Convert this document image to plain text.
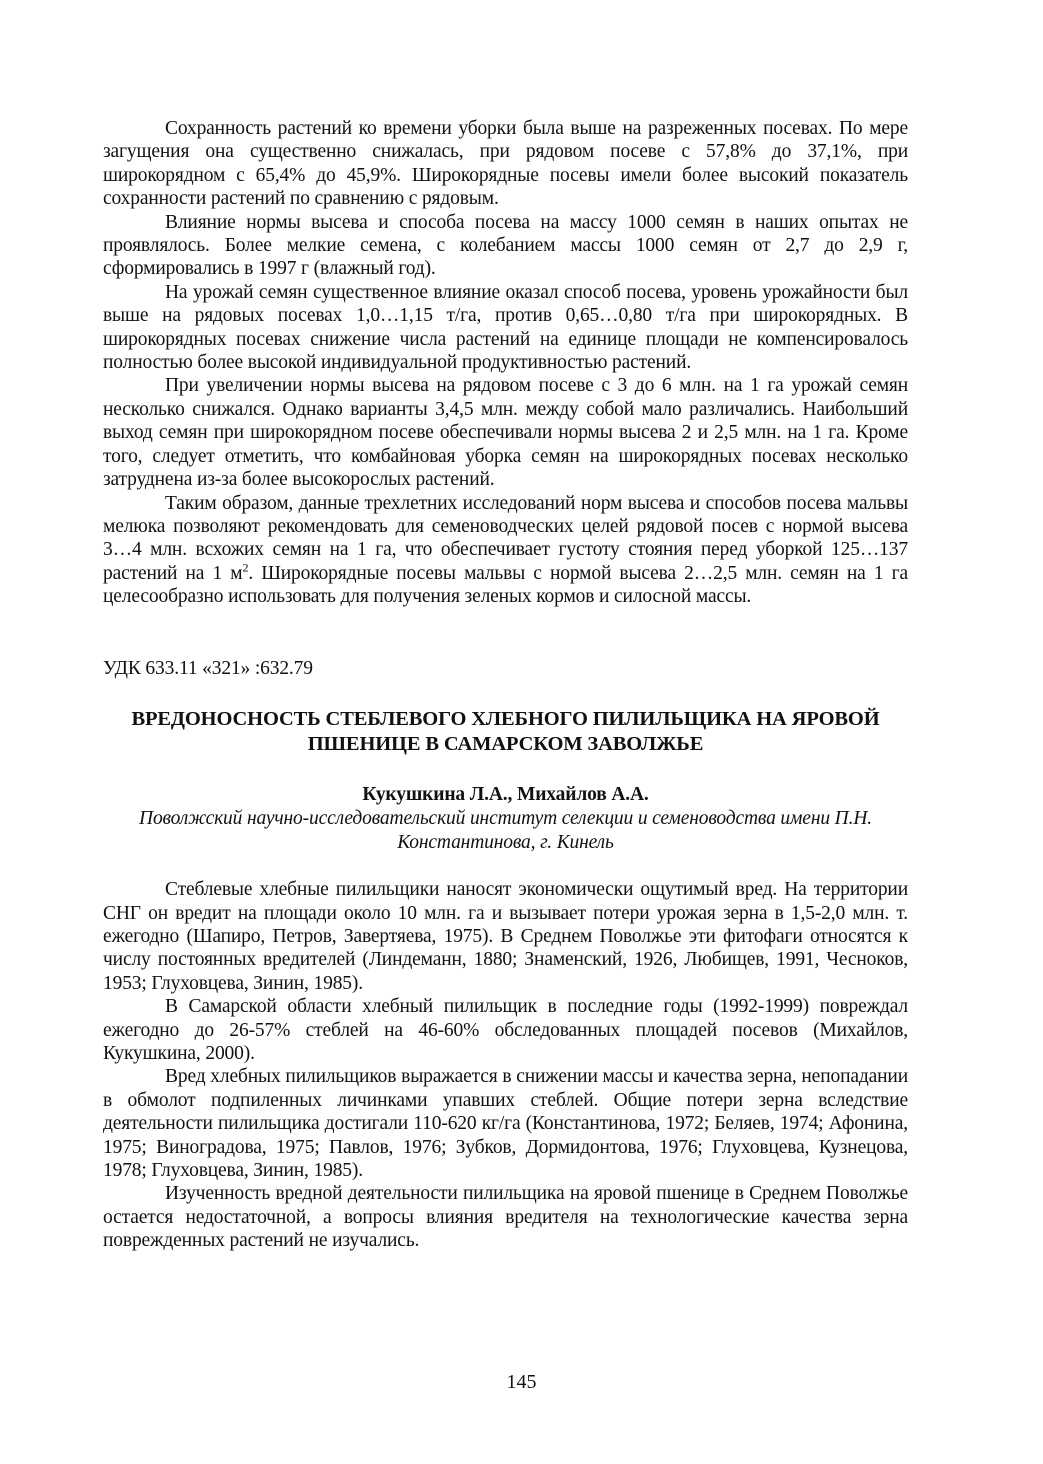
Сохранность растений ко времени уборки была выше на разреженных посевах. По мере загущения она существенно снижалась, при рядовом посеве с 57,8% до 37,1%, при широкорядном с 65,4% до 45,9%. Широкорядные посевы имели более высокий показатель сохранности растений по сравнению с рядовым.

Влияние нормы высева и способа посева на массу 1000 семян в наших опытах не проявлялось. Более мелкие семена, с колебанием массы 1000 семян от 2,7 до 2,9 г, сформировались в 1997 г (влажный год).

На урожай семян существенное влияние оказал способ посева, уровень урожайности был выше на рядовых посевах 1,0…1,15 т/га, против 0,65…0,80 т/га при широкорядных. В широкорядных посевах снижение числа растений на единице площади не компенсировалось полностью более высокой индивидуальной продуктивностью растений.

При увеличении нормы высева на рядовом посеве с 3 до 6 млн. на 1 га урожай семян несколько снижался. Однако варианты 3,4,5 млн. между собой мало различались. Наибольший выход семян при широкорядном посеве обеспечивали нормы высева 2 и 2,5 млн. на 1 га. Кроме того, следует отметить, что комбайновая уборка семян на широкорядных посевах несколько затруднена из-за более высокорослых растений.

Таким образом, данные трехлетних исследований норм высева и способов посева мальвы мелюка позволяют рекомендовать для семеноводческих целей рядовой посев с нормой высева 3…4 млн. всхожих семян на 1 га, что обеспечивает густоту стояния перед уборкой 125…137 растений на 1 $м^2$. Широкорядные посевы мальвы с нормой высева 2…2,5 млн. семян на 1 га целесообразно использовать для получения зеленых кормов и силосной массы.

УДК 633.11 «321» :632.79

ВРЕДОНОСНОСТЬ СТЕБЛЕВОГО ХЛЕБНОГО ПИЛИЛЬЩИКА НА ЯРОВОЙ ПШЕНИЦЕ В САМАРСКОМ ЗАВОЛЖЬЕ

Кукушкина Л.А., Михайлов А.А.

Поволжский научно-исследовательский институт селекции и семеноводства имени П.Н. Константинова, г. Кинель

Стеблевые хлебные пилильщики наносят экономически ощутимый вред. На территории СНГ он вредит на площади около 10 млн. га и вызывает потери урожая зерна в 1,5-2,0 млн. т. ежегодно (Шапиро, Петров, Завертяева, 1975). В Среднем Поволжье эти фитофаги относятся к числу постоянных вредителей (Линдеманн, 1880; Знаменский, 1926, Любищев, 1991, Чесноков, 1953; Глуховцева, Зинин, 1985).

В Самарской области хлебный пилильщик в последние годы (1992-1999) повреждал ежегодно до 26-57% стеблей на 46-60% обследованных площадей посевов (Михайлов, Кукушкина, 2000).

Вред хлебных пилильщиков выражается в снижении массы и качества зерна, непопадании в обмолот подпиленных личинками упавших стеблей. Общие потери зерна вследствие деятельности пилильщика достигали 110-620 кг/га (Константинова, 1972; Беляев, 1974; Афонина, 1975; Виноградова, 1975; Павлов, 1976; Зубков, Дормидонтова, 1976; Глуховцева, Кузнецова, 1978; Глуховцева, Зинин, 1985).

Изученность вредной деятельности пилильщика на яровой пшенице в Среднем Поволжье остается недостаточной, а вопросы влияния вредителя на технологические качества зерна поврежденных растений не изучались.

145
